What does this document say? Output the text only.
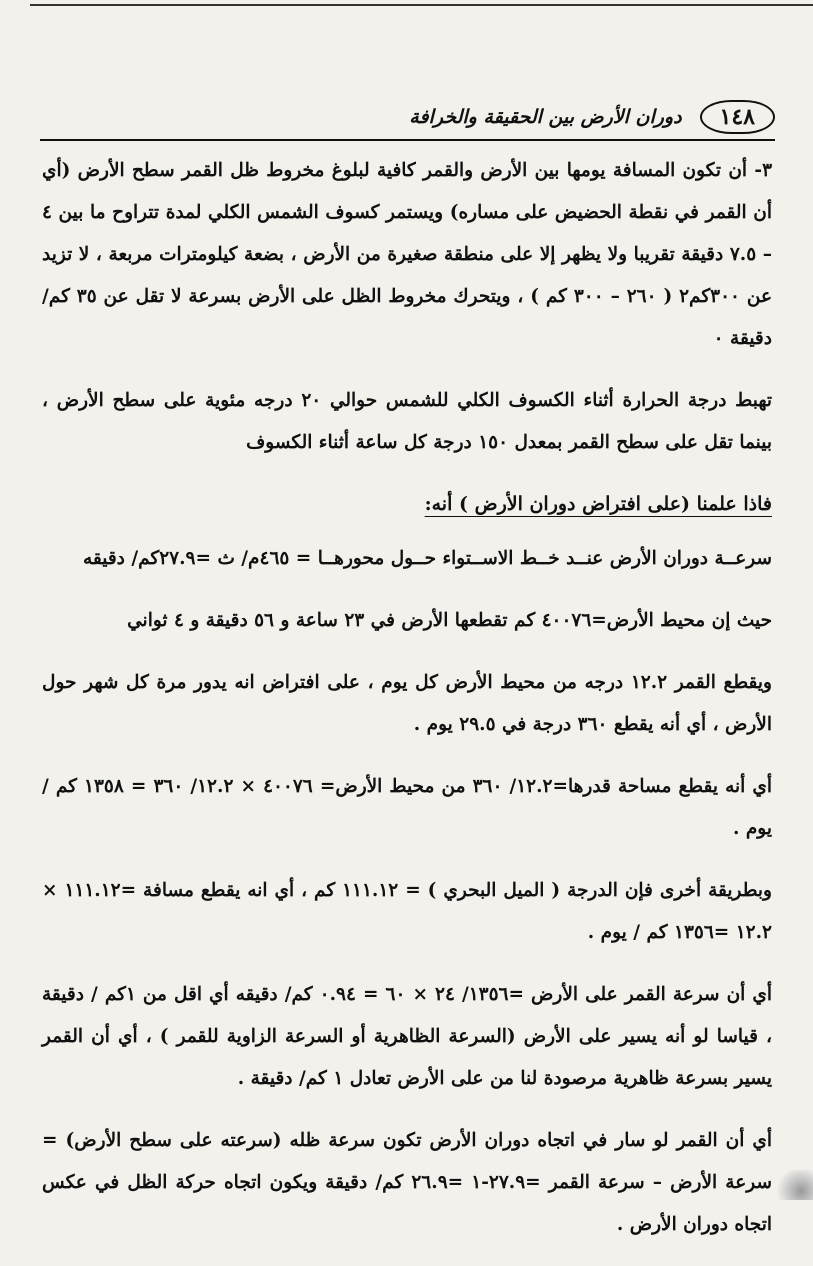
١٤٨
دوران الأرض بين الحقيقة والخرافة

٣- أن تكون المسافة يومها بين الأرض والقمر كافية لبلوغ مخروط ظل القمر سطح الأرض (أي أن القمر في نقطة الحضيض على مساره) ويستمر كسوف الشمس الكلي لمدة تتراوح ما بين ٤ – ٧.٥ دقيقة تقريبا ولا يظهر إلا على منطقة صغيرة من الأرض ، بضعة كيلومترات مربعة ، لا تزيد عن ٣٠٠كم٢ ( ٢٦٠ – ٣٠٠ كم ) ، ويتحرك مخروط الظل على الأرض بسرعة لا تقل عن ٣٥ كم/ دقيقة ٠

تهبط درجة الحرارة أثناء الكسوف الكلي للشمس حوالي ٢٠ درجه مئوية على سطح الأرض ، بينما تقل على سطح القمر بمعدل ١٥٠ درجة كل ساعة أثناء الكسوف

فاذا علمنا (على افتراض دوران الأرض ) أنه:

سرعــة دوران الأرض عنــد خــط الاســتواء حــول محورهــا = ٤٦٥م/ ث =٢٧.٩كم/ دقيقه

حيث إن محيط الأرض=٤٠٠٧٦ كم تقطعها الأرض في ٢٣ ساعة و ٥٦ دقيقة و ٤ ثواني

ويقطع القمر ١٢.٢ درجه من محيط الأرض كل يوم ، على افتراض انه يدور مرة كل شهر حول الأرض ، أي أنه يقطع ٣٦٠ درجة في ٢٩.٥ يوم .

أي أنه يقطع مساحة قدرها=١٢.٢/ ٣٦٠ من محيط الأرض= ٤٠٠٧٦ × ١٢.٢/ ٣٦٠ = ١٣٥٨ كم / يوم .

وبطريقة أخرى فإن الدرجة ( الميل البحري ) = ١١١.١٢ كم ، أي انه يقطع مسافة =١١١.١٢ × ١٢.٢ =١٣٥٦ كم / يوم .

أي أن سرعة القمر على الأرض =١٣٥٦/ ٢٤ × ٦٠ = ٠.٩٤ كم/ دقيقه أي اقل من ١كم / دقيقة ، قياسا لو أنه يسير على الأرض (السرعة الظاهرية أو السرعة الزاوية للقمر ) ، أي أن القمر يسير بسرعة ظاهرية مرصودة لنا من على الأرض تعادل ١ كم/ دقيقة .

أي أن القمر لو سار في اتجاه دوران الأرض تكون سرعة ظله (سرعته على سطح الأرض) = سرعة الأرض – سرعة القمر =٢٧.٩-١ =٢٦.٩ كم/ دقيقة ويكون اتجاه حركة الظل في عكس اتجاه دوران الأرض .
